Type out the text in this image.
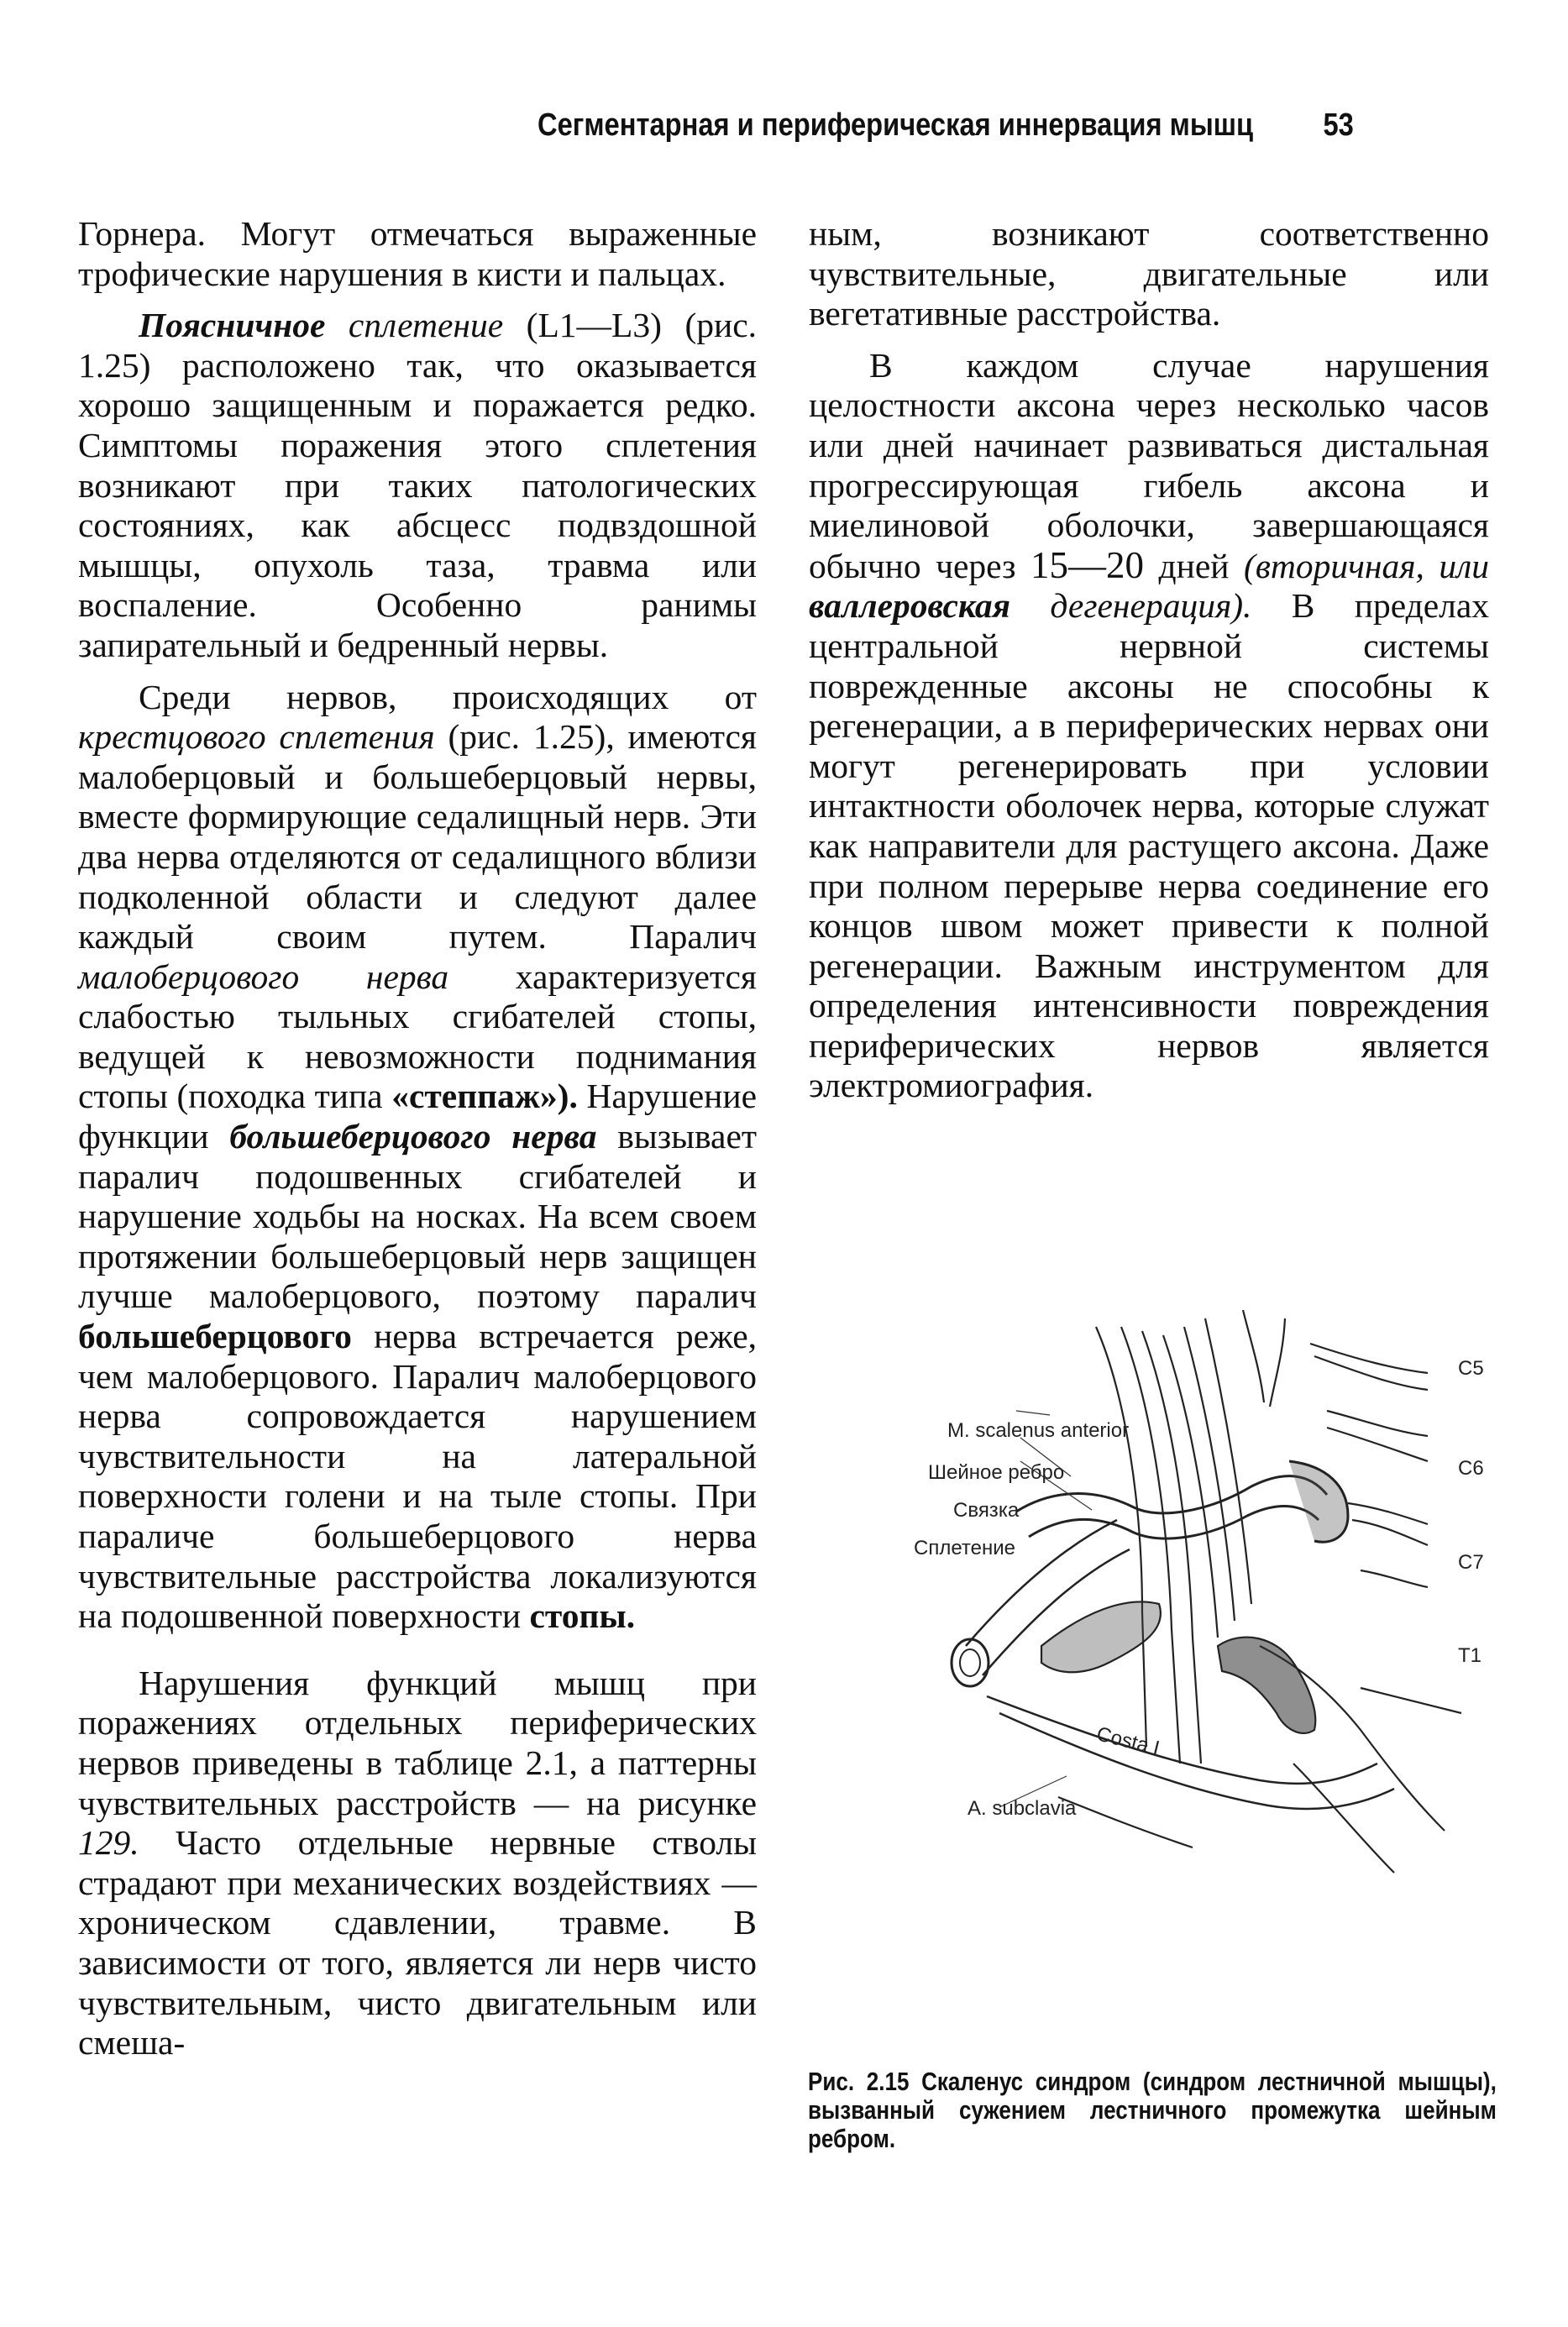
Сегментарная и периферическая иннервация мышц 53

Горнера. Могут отмечаться выраженные трофические нарушения в кисти и пальцах.

Поясничное сплетение (L1—L3) (рис. 1.25) расположено так, что оказывается хорошо защищенным и поражается редко. Симптомы поражения этого сплетения возникают при таких патологических состояниях, как абсцесс подвздошной мышцы, опухоль таза, травма или воспаление. Особенно ранимы запирательный и бедренный нервы.

Среди нервов, происходящих от крестцового сплетения (рис. 1.25), имеются малоберцовый и большеберцовый нервы, вместе формирующие седалищный нерв. Эти два нерва отделяются от седалищного вблизи подколенной области и следуют далее каждый своим путем. Паралич малоберцового нерва характеризуется слабостью тыльных сгибателей стопы, ведущей к невозможности поднимания стопы (походка типа «степпаж»). Нарушение функции большеберцового нерва вызывает паралич подошвенных сгибателей и нарушение ходьбы на носках. На всем своем протяжении большеберцовый нерв защищен лучше малоберцового, поэтому паралич большеберцового нерва встречается реже, чем малоберцового. Паралич малоберцового нерва сопровождается нарушением чувствительности на латеральной поверхности голени и на тыле стопы. При параличе большеберцового нерва чувствительные расстройства локализуются на подошвенной поверхности стопы.

Нарушения функций мышц при поражениях отдельных периферических нервов приведены в таблице 2.1, а паттерны чувствительных расстройств — на рисунке 129. Часто отдельные нервные стволы страдают при механических воздействиях — хроническом сдавлении, травме. В зависимости от того, является ли нерв чисто чувствительным, чисто двигательным или смеша-

ным, возникают соответственно чувствительные, двигательные или вегетативные расстройства.

В каждом случае нарушения целостности аксона через несколько часов или дней начинает развиваться дистальная прогрессирующая гибель аксона и миелиновой оболочки, завершающаяся обычно через 15—20 дней (вторичная, или валлеровская дегенерация). В пределах центральной нервной системы поврежденные аксоны не способны к регенерации, а в периферических нервах они могут регенерировать при условии интактности оболочек нерва, которые служат как направители для растущего аксона. Даже при полном перерыве нерва соединение его концов швом может привести к полной регенерации. Важным инструментом для определения интенсивности повреждения периферических нервов является электромиография.

M. scalenus anterior
Шейное ребро
Связка
Сплетение
C5
C6
C7
T1
Costa I
A. subclavia
Рис. 2.15 Скаленус синдром (синдром лестничной мышцы), вызванный сужением лестничного промежутка шейным ребром.
